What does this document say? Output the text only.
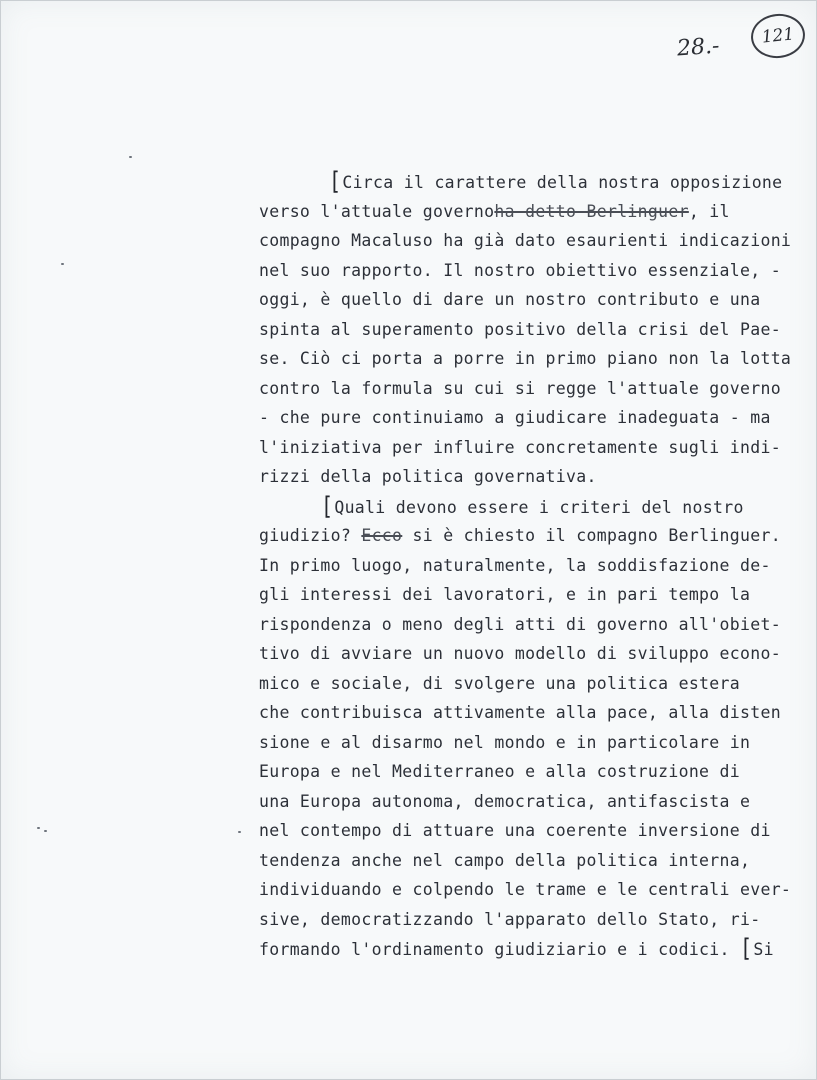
28.-	121
[Circa il carattere della nostra opposizione
verso l'attuale governoha detto Berlinguer, il
compagno Macaluso ha già dato esaurienti indicazioni
nel suo rapporto. Il nostro obiettivo essenziale, -
oggi, è quello di dare un nostro contributo e una
spinta al superamento positivo della crisi del Pae-
se. Ciò ci porta a porre in primo piano non la lotta
contro la formula su cui si regge l'attuale governo
- che pure continuiamo a giudicare inadeguata - ma
l'iniziativa per influire concretamente sugli indi-
rizzi della politica governativa.
[Quali devono essere i criteri del nostro
giudizio? Ecco si è chiesto il compagno Berlinguer.
In primo luogo, naturalmente, la soddisfazione de-
gli interessi dei lavoratori, e in pari tempo la
rispondenza o meno degli atti di governo all'obiet-
tivo di avviare un nuovo modello di sviluppo econo-
mico e sociale, di svolgere una politica estera
che contribuisca attivamente alla pace, alla disten
sione e al disarmo nel mondo e in particolare in
Europa e nel Mediterraneo e alla costruzione di
una Europa autonoma, democratica, antifascista e
nel contempo di attuare una coerente inversione di
tendenza anche nel campo della politica interna,
individuando e colpendo le trame e le centrali ever-
sive, democratizzando l'apparato dello Stato, ri-
formando l'ordinamento giudiziario e i codici. [Si
